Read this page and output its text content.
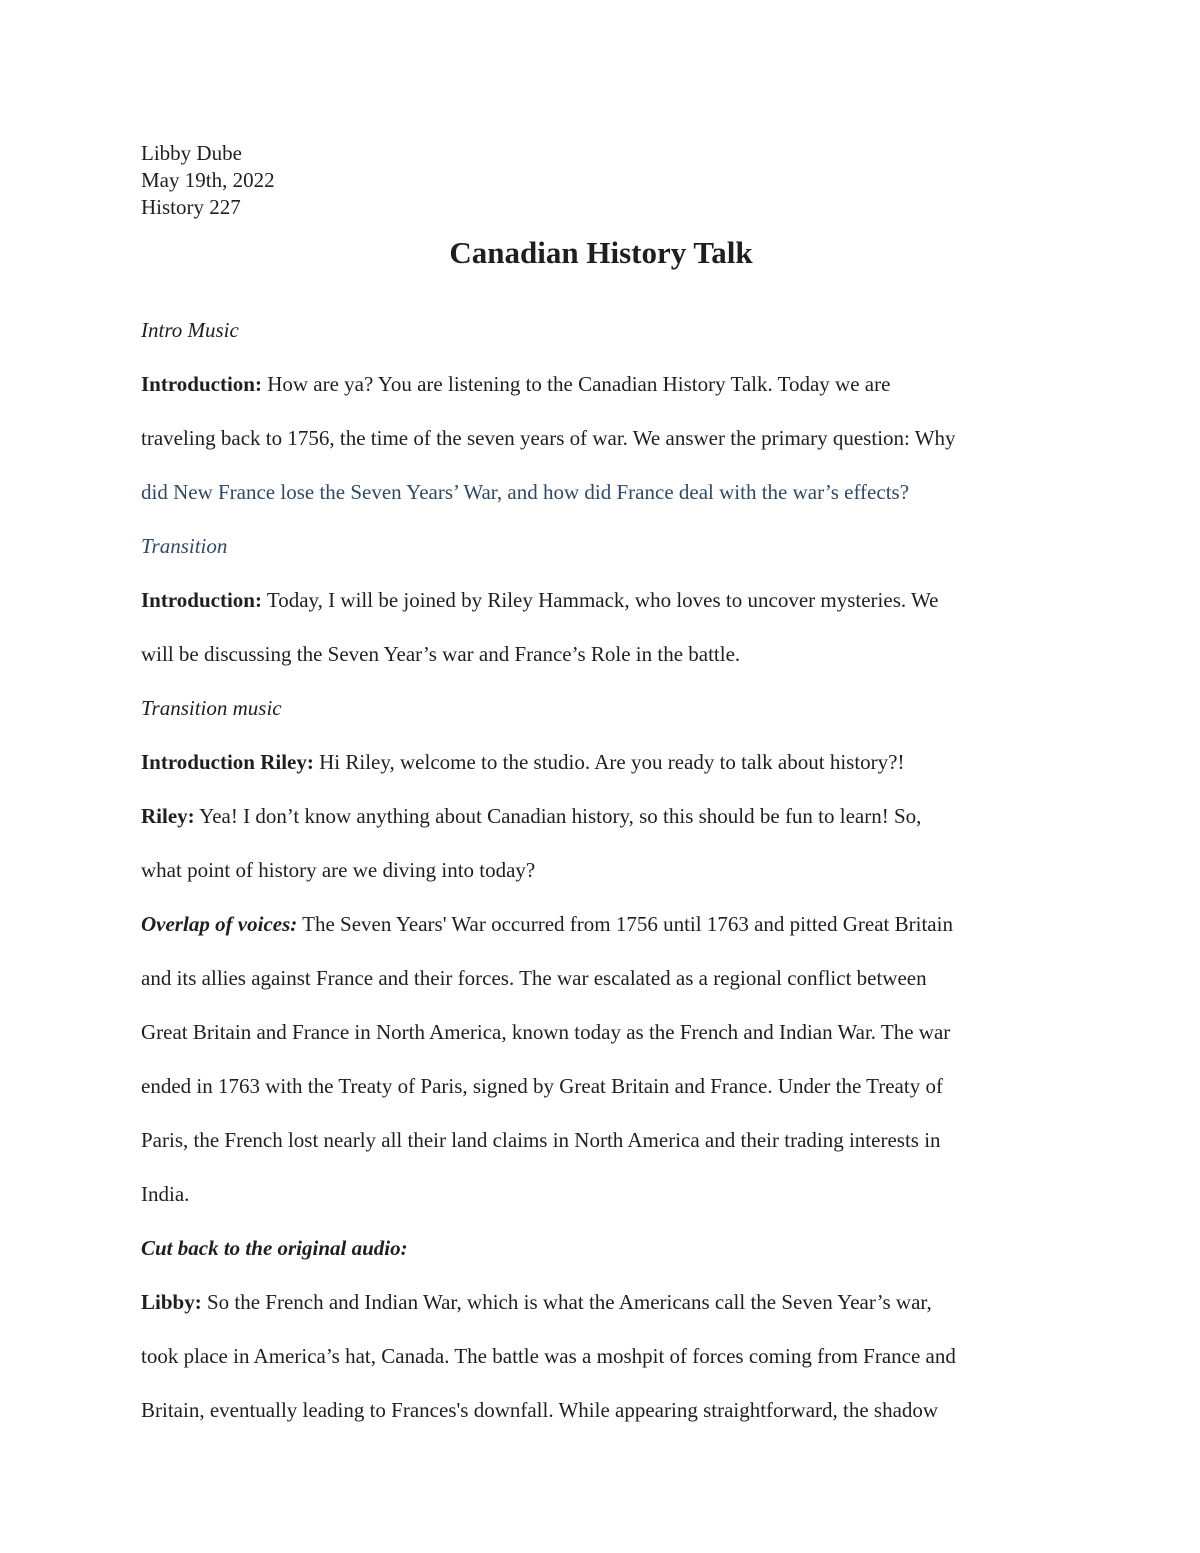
Libby Dube

May 19th, 2022

History 227

Canadian History Talk

Intro Music

Introduction: How are ya? You are listening to the Canadian History Talk. Today we are

traveling back to 1756, the time of the seven years of war. We answer the primary question: Why

did New France lose the Seven Years’ War, and how did France deal with the war’s effects?

Transition

Introduction: Today, I will be joined by Riley Hammack, who loves to uncover mysteries. We

will be discussing the Seven Year’s war and France’s Role in the battle.

Transition music

Introduction Riley: Hi Riley, welcome to the studio. Are you ready to talk about history?!

Riley: Yea! I don’t know anything about Canadian history, so this should be fun to learn! So,

what point of history are we diving into today?

Overlap of voices: The Seven Years' War occurred from 1756 until 1763 and pitted Great Britain

and its allies against France and their forces. The war escalated as a regional conflict between

Great Britain and France in North America, known today as the French and Indian War. The war

ended in 1763 with the Treaty of Paris, signed by Great Britain and France. Under the Treaty of

Paris, the French lost nearly all their land claims in North America and their trading interests in

India.

Cut back to the original audio:

Libby: So the French and Indian War, which is what the Americans call the Seven Year’s war,

took place in America’s hat, Canada. The battle was a moshpit of forces coming from France and

Britain, eventually leading to Frances's downfall. While appearing straightforward, the shadow
